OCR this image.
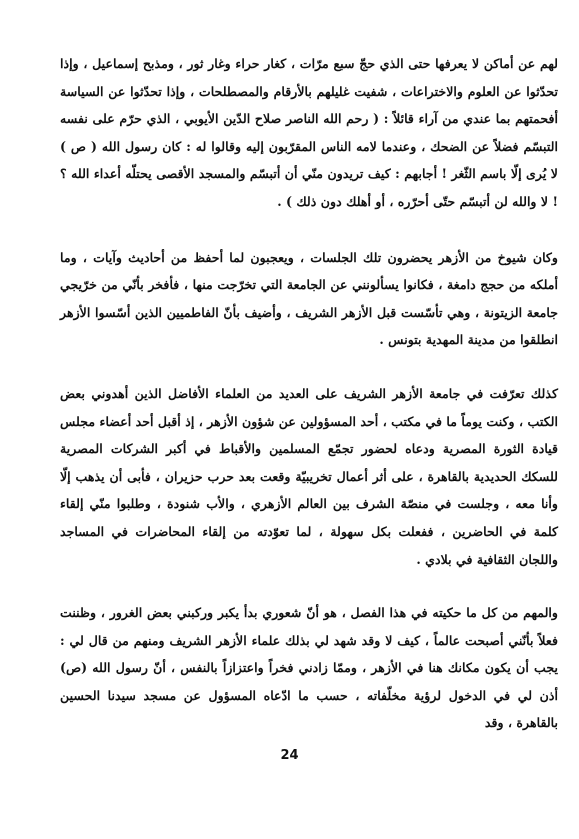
لهم عن أماكن لا يعرفها حتى الذي حجّ سبع مرّات ، كغار حراء وغار ثور ، ومذبح إسماعيل ، وإذا تحدّثوا عن العلوم والاختراعات ، شفيت غليلهم بالأرقام والمصطلحات ، وإذا تحدّثوا عن السياسة أفحمتهم بما عندي من آراء قائلاً : ( رحم الله الناصر صلاح الدّين الأيوبي ، الذي حرّم على نفسه التبسّم فضلاً عن الضحك ، وعندما لامه الناس المقرّبون إليه وقالوا له : كان رسول الله ( ص ) لا يُرى إلّا باسم الثّغر ! أجابهم : كيف تريدون منّي أن أتبسّم والمسجد الأقصى يحتلّه أعداء الله ؟ ! لا والله لن أتبسّم حتّى أحرّره ، أو أهلك دون ذلك ) .

وكان شيوخ من الأزهر يحضرون تلك الجلسات ، ويعجبون لما أحفظ من أحاديث وآيات ، وما أملكه من حجج دامغة ، فكانوا يسألونني عن الجامعة التي تخرّجت منها ، فأفخر بأنّي من خرّيجي جامعة الزيتونة ، وهي تأسّست قبل الأزهر الشريف ، وأضيف بأنّ الفاطميين الذين أسّسوا الأزهر انطلقوا من مدينة المهدية بتونس .

كذلك تعرّفت في جامعة الأزهر الشريف على العديد من العلماء الأفاضل الذين أهدوني بعض الكتب ، وكنت يوماً ما في مكتب ، أحد المسؤولين عن شؤون الأزهر ، إذ أقبل أحد أعضاء مجلس قيادة الثورة المصرية ودعاه لحضور تجمّع المسلمين والأقباط في أكبر الشركات المصرية للسكك الحديدية بالقاهرة ، على أثر أعمال تخريبيّة وقعت بعد حرب حزيران ، فأبى أن يذهب إلّا وأنا معه ، وجلست في منصّة الشرف بين العالم الأزهري ، والأب شنودة ، وطلبوا منّي إلقاء كلمة في الحاضرين ، ففعلت بكل سهولة ، لما تعوّدته من إلقاء المحاضرات في المساجد واللجان الثقافية في بلادي .

والمهم من كل ما حكيته في هذا الفصل ، هو أنّ شعوري بدأ يكبر وركبني بعض الغرور ، وظننت فعلاً بأنّني أصبحت عالماً ، كيف لا وقد شهد لي بذلك علماء الأزهر الشريف ومنهم من قال لي : يجب أن يكون مكانك هنا في الأزهر ، وممّا زادني فخراً واعتزازاً بالنفس ، أنّ رسول الله (ص) أذن لي في الدخول لرؤية مخلّفاته ، حسب ما ادّعاه المسؤول عن مسجد سيدنا الحسين بالقاهرة ، وقد

24
